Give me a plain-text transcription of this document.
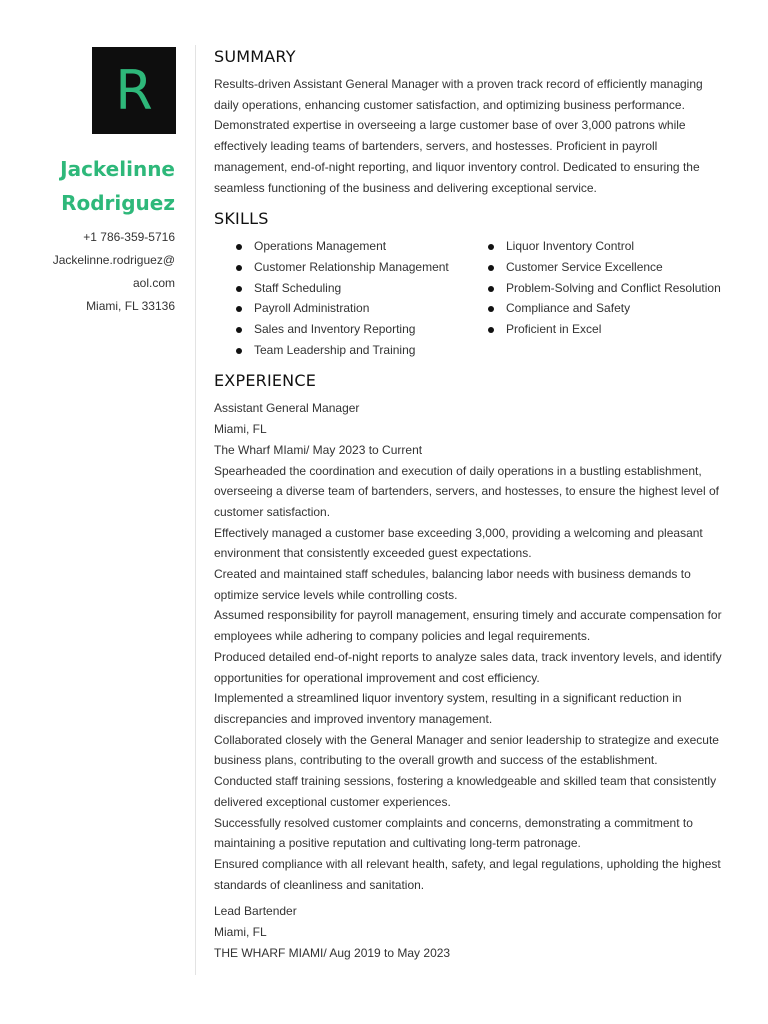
R
Jackelinne
Rodriguez
+1 786-359-5716
Jackelinne.rodriguez@
aol.com
Miami, FL 33136
SUMMARY

Results-driven Assistant General Manager with a proven track record of efficiently managing daily operations, enhancing customer satisfaction, and optimizing business performance. Demonstrated expertise in overseeing a large customer base of over 3,000 patrons while effectively leading teams of bartenders, servers, and hostesses. Proficient in payroll management, end-of-night reporting, and liquor inventory control. Dedicated to ensuring the seamless functioning of the business and delivering exceptional service.

SKILLS
Operations Management
Customer Relationship Management
Staff Scheduling
Payroll Administration
Sales and Inventory Reporting
Team Leadership and Training
Liquor Inventory Control
Customer Service Excellence
Problem-Solving and Conflict Resolution
Compliance and Safety
Proficient in Excel
EXPERIENCE
Assistant General Manager
Miami, FL
The Wharf MIami/ May 2023 to Current
Spearheaded the coordination and execution of daily operations in a bustling establishment, overseeing a diverse team of bartenders, servers, and hostesses, to ensure the highest level of customer satisfaction.
Effectively managed a customer base exceeding 3,000, providing a welcoming and pleasant environment that consistently exceeded guest expectations.
Created and maintained staff schedules, balancing labor needs with business demands to optimize service levels while controlling costs.
Assumed responsibility for payroll management, ensuring timely and accurate compensation for employees while adhering to company policies and legal requirements.
Produced detailed end-of-night reports to analyze sales data, track inventory levels, and identify opportunities for operational improvement and cost efficiency.
Implemented a streamlined liquor inventory system, resulting in a significant reduction in discrepancies and improved inventory management.
Collaborated closely with the General Manager and senior leadership to strategize and execute business plans, contributing to the overall growth and success of the establishment.
Conducted staff training sessions, fostering a knowledgeable and skilled team that consistently delivered exceptional customer experiences.
Successfully resolved customer complaints and concerns, demonstrating a commitment to maintaining a positive reputation and cultivating long-term patronage.
Ensured compliance with all relevant health, safety, and legal regulations, upholding the highest standards of cleanliness and sanitation.
Lead Bartender
Miami, FL
THE WHARF MIAMI/ Aug 2019 to May 2023
